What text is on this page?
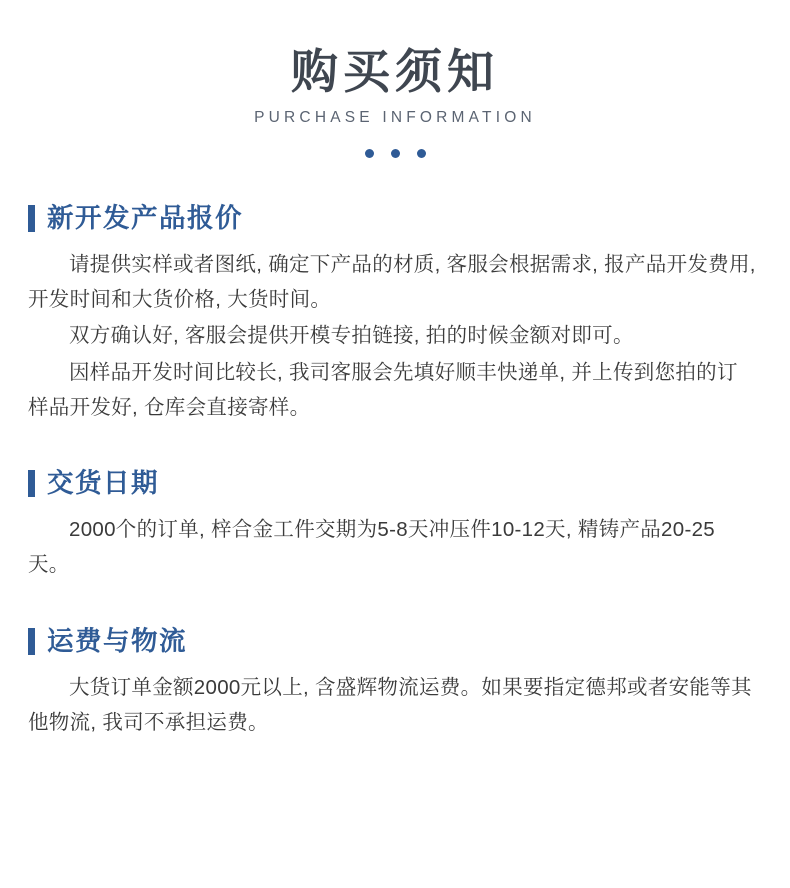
购买须知

PURCHASE INFORMATION

新开发产品报价

请提供实样或者图纸, 确定下产品的材质, 客服会根据需求, 报产品开发费用, 开发时间和大货价格, 大货时间。

双方确认好, 客服会提供开模专拍链接, 拍的时候金额对即可。

因样品开发时间比较长, 我司客服会先填好顺丰快递单, 并上传到您拍的订样品开发好, 仓库会直接寄样。

交货日期

2000个的订单, 梓合金工件交期为5-8天冲压件10-12天, 精铸产品20-25天。

运费与物流

大货订单金额2000元以上, 含盛辉物流运费。如果要指定德邦或者安能等其他物流, 我司不承担运费。
